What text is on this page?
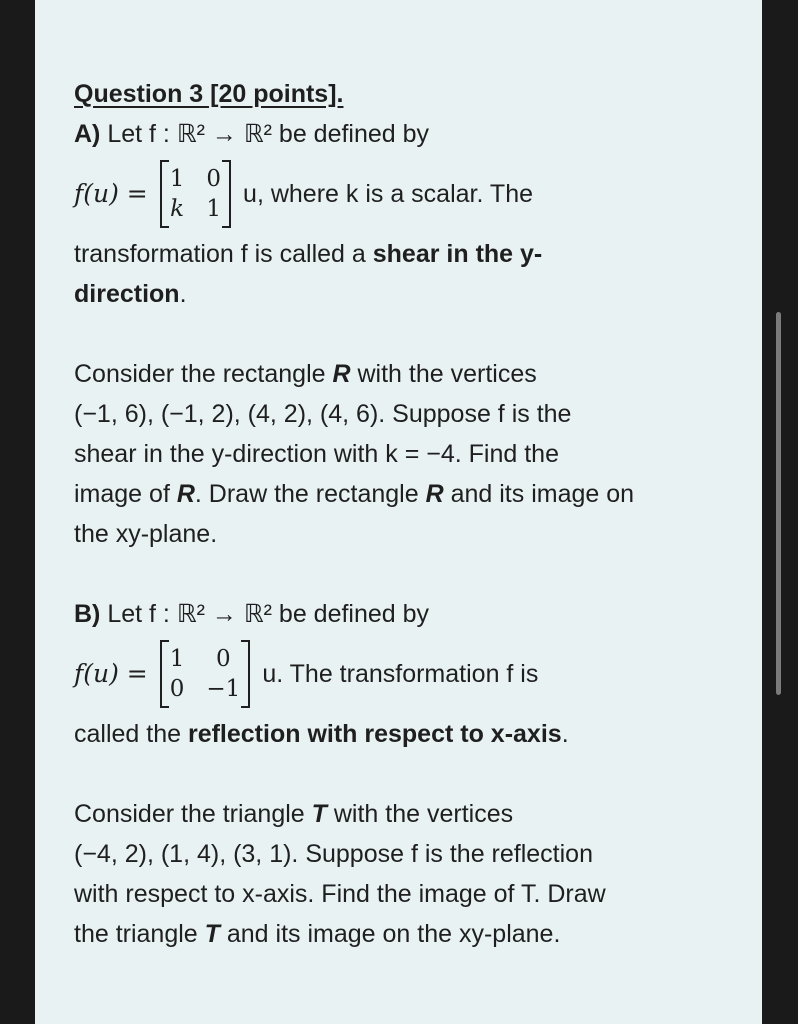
Question 3 [20 points].
A) Let f : ℝ² → ℝ² be defined by
f(u) = 1 0
k 1
u, where k is a scalar. The
transformation f is called a shear in the y-
direction.
Consider the rectangle R with the vertices
(−1, 6), (−1, 2), (4, 2), (4, 6). Suppose f is the
shear in the y-direction with k = −4. Find the
image of R. Draw the rectangle R and its image on
the xy-plane.
B) Let f : ℝ² → ℝ² be defined by
f(u) = 1	0
0 −1
u. The transformation f is
called the reflection with respect to x-axis.
Consider the triangle T with the vertices
(−4, 2), (1, 4), (3, 1). Suppose f is the reflection
with respect to x-axis. Find the image of T. Draw
the triangle T and its image on the xy-plane.
